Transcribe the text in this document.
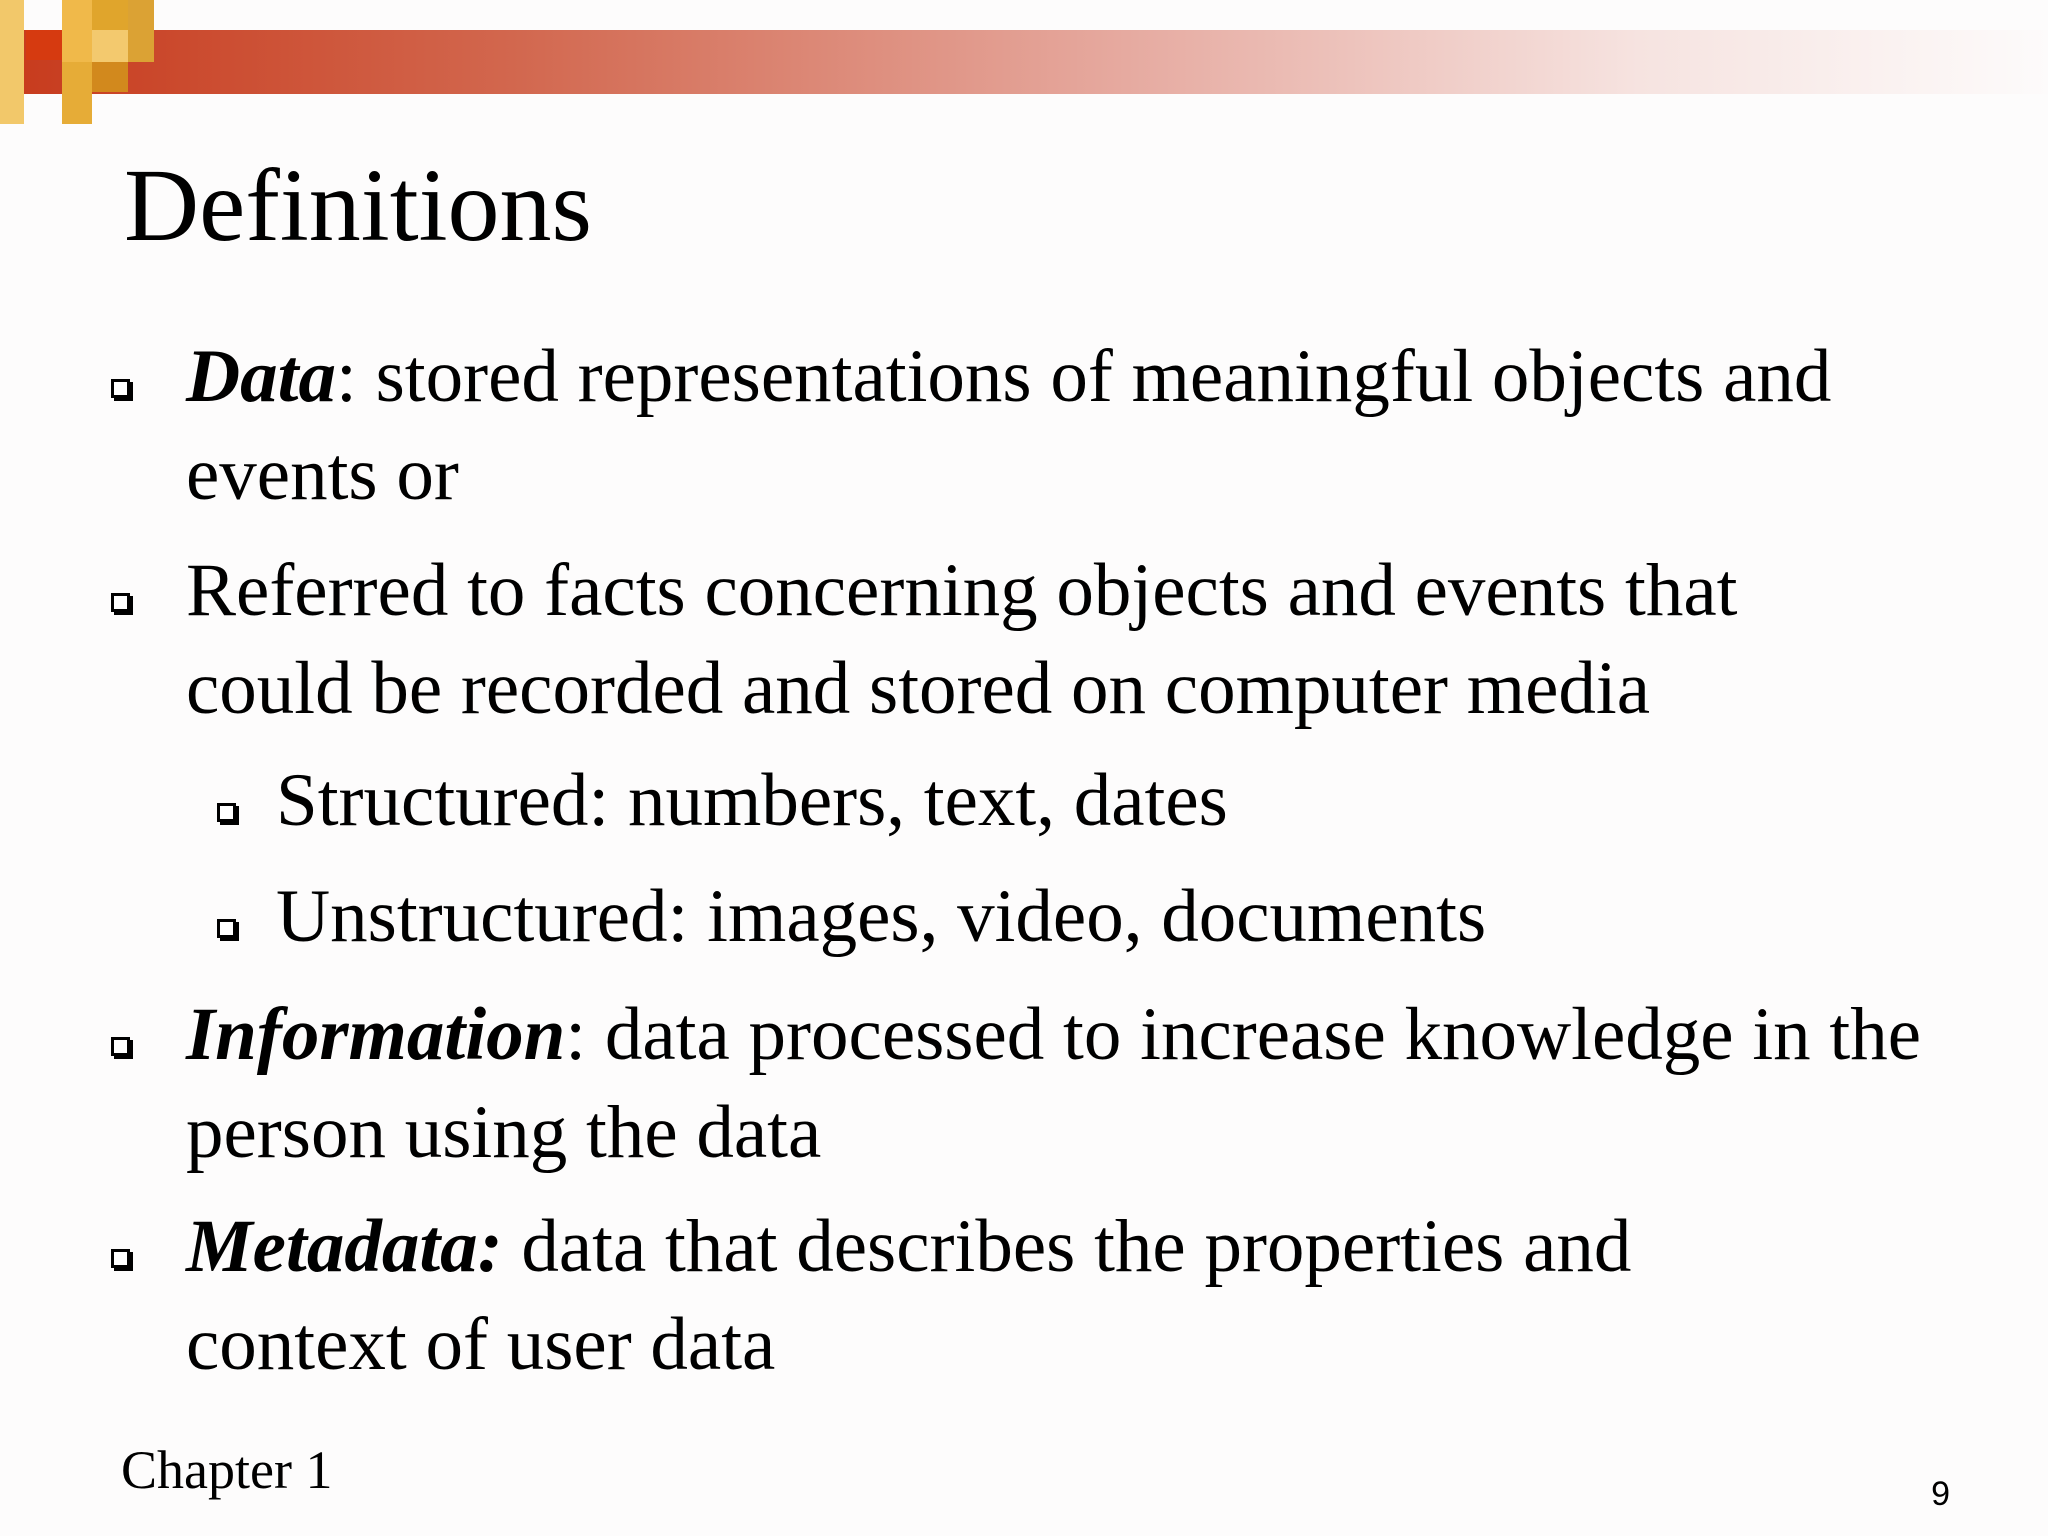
Definitions
Data: stored representations of meaningful objects and events or
Referred to facts concerning objects and events that could be recorded and stored on computer media
Structured: numbers, text, dates
Unstructured: images, video, documents
Information: data processed to increase knowledge in the person using the data
Metadata: data that describes the properties and context of user data
Chapter 1	9
